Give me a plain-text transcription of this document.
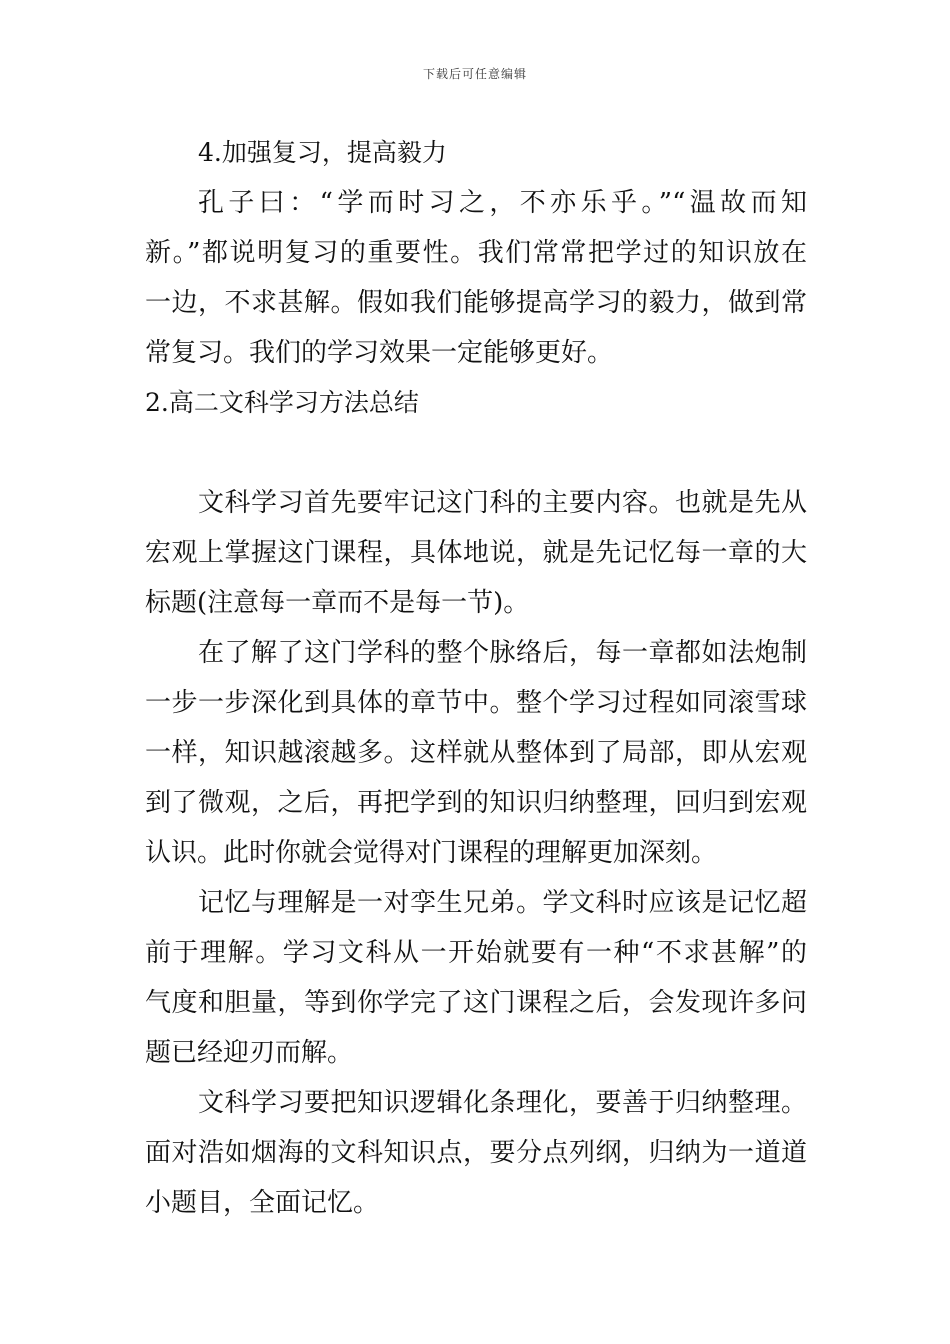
下载后可任意编辑
4.加强复习，提高毅力
孔子曰：“学而时习之，不亦乐乎。”“温故而知
新。”都说明复习的重要性。我们常常把学过的知识放在
一边，不求甚解。假如我们能够提高学习的毅力，做到常
常复习。我们的学习效果一定能够更好。
2.高二文科学习方法总结
文科学习首先要牢记这门科的主要内容。也就是先从
宏观上掌握这门课程，具体地说，就是先记忆每一章的大
标题(注意每一章而不是每一节)。
在了解了这门学科的整个脉络后，每一章都如法炮制
一步一步深化到具体的章节中。整个学习过程如同滚雪球
一样，知识越滚越多。这样就从整体到了局部，即从宏观
到了微观，之后，再把学到的知识归纳整理，回归到宏观
认识。此时你就会觉得对门课程的理解更加深刻。
记忆与理解是一对孪生兄弟。学文科时应该是记忆超
前于理解。学习文科从一开始就要有一种“不求甚解”的
气度和胆量，等到你学完了这门课程之后，会发现许多问
题已经迎刃而解。
文科学习要把知识逻辑化条理化，要善于归纳整理。
面对浩如烟海的文科知识点，要分点列纲，归纳为一道道
小题目，全面记忆。
